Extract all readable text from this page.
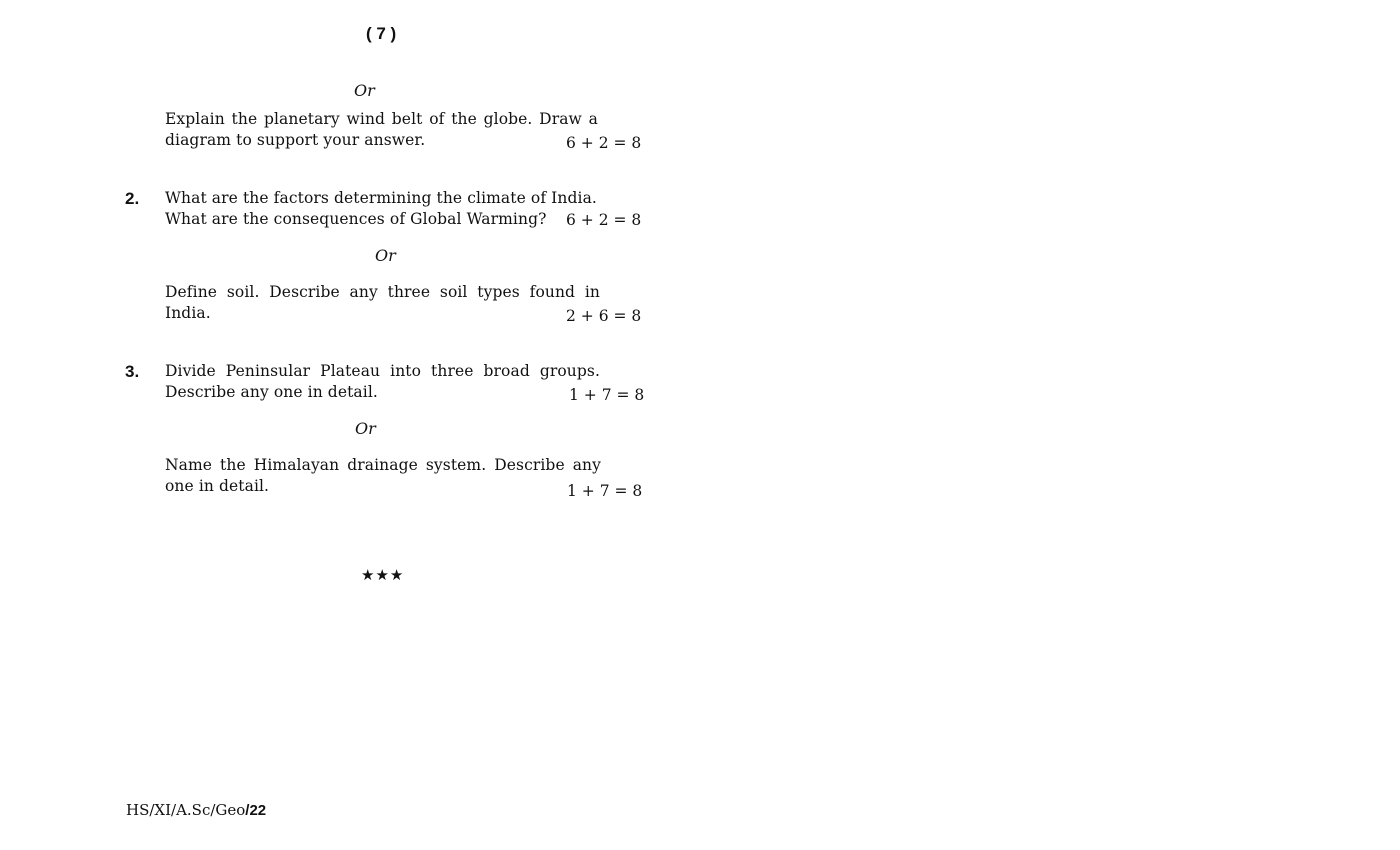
( 7 )
Or
Explain the planetary wind belt of the globe. Draw a
diagram to support your answer.	6 + 2 = 8
2. What are the factors determining the climate of India.
What are the consequences of Global Warming?	6 + 2 = 8
Or
Define soil. Describe any three soil types found in
India.	2 + 6 = 8
3. Divide Peninsular Plateau into three broad groups.
Describe any one in detail.	1 + 7 = 8
Or
Name the Himalayan drainage system. Describe any
one in detail.	1 + 7 = 8
★★★
HS/XI/A.Sc/Geo/22
